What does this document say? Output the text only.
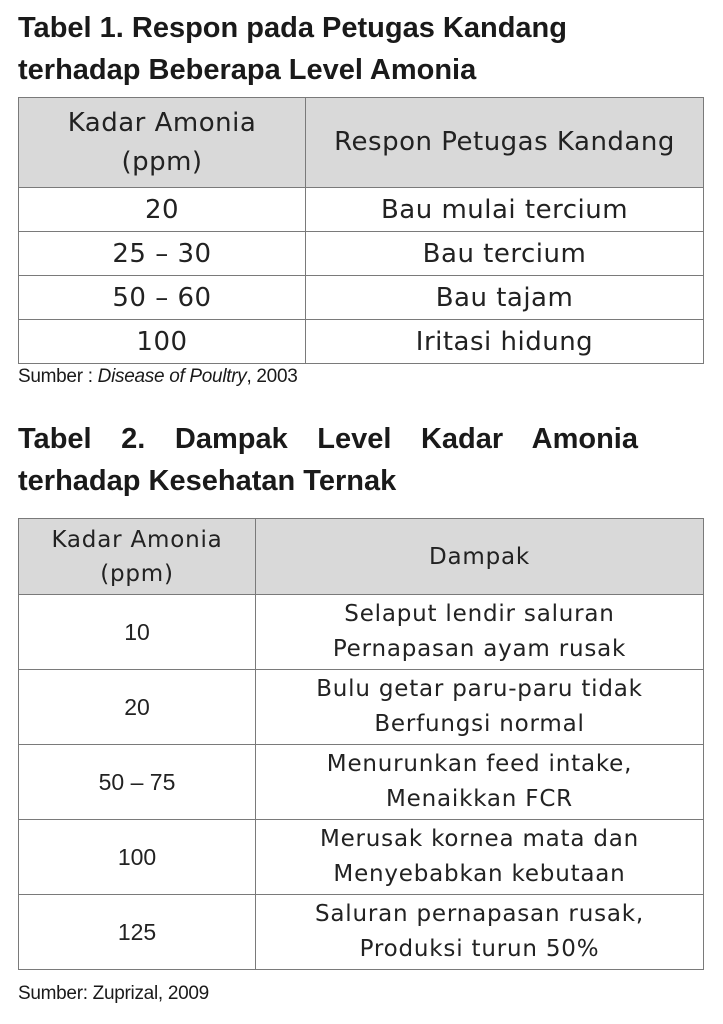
Tabel 1. Respon pada Petugas Kandang
terhadap Beberapa Level Amonia
Kadar Amonia
(ppm)	Respon Petugas Kandang
20	Bau mulai tercium
25 – 30	Bau tercium
50 – 60	Bau tajam
100	Iritasi hidung

Sumber : Disease of Poultry, 2003

Tabel 2. Dampak Level Kadar Amonia
terhadap Kesehatan Ternak
Kadar Amonia
(ppm)	Dampak
10	Selaput lendir saluran
Pernapasan ayam rusak

20	Bulu getar paru-paru tidak
Berfungsi normal

50 – 75	Menurunkan feed intake,
Menaikkan FCR

100	Merusak kornea mata dan
Menyebabkan kebutaan

125	Saluran pernapasan rusak,
Produksi turun 50%

Sumber: Zuprizal, 2009
